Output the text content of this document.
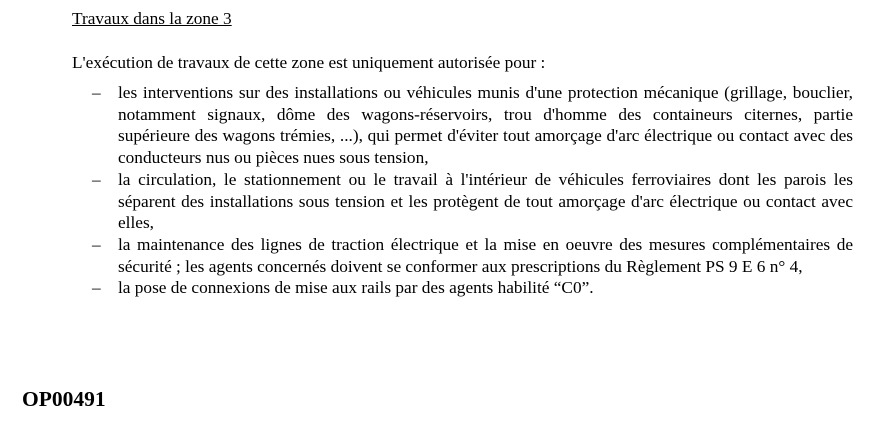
Travaux dans la zone 3
L'exécution de travaux de cette zone est uniquement autorisée pour :
– les interventions sur des installations ou véhicules munis d'une protection mécanique (grillage, bouclier, notamment signaux, dôme des wagons-réservoirs, trou d'homme des containeurs citernes, partie supérieure des wagons trémies, ...), qui permet d'éviter tout amorçage d'arc électrique ou contact avec des conducteurs nus ou pièces nues sous tension,
– la circulation, le stationnement ou le travail à l'intérieur de véhicules ferroviaires dont les parois les séparent des installations sous tension et les protègent de tout amorçage d'arc électrique ou contact avec elles,
– la maintenance des lignes de traction électrique et la mise en oeuvre des mesures complémentaires de sécurité ; les agents concernés doivent se conformer aux prescriptions du Règlement PS 9 E 6 n° 4,
– la pose de connexions de mise aux rails par des agents habilité “C0”.
OP00491
